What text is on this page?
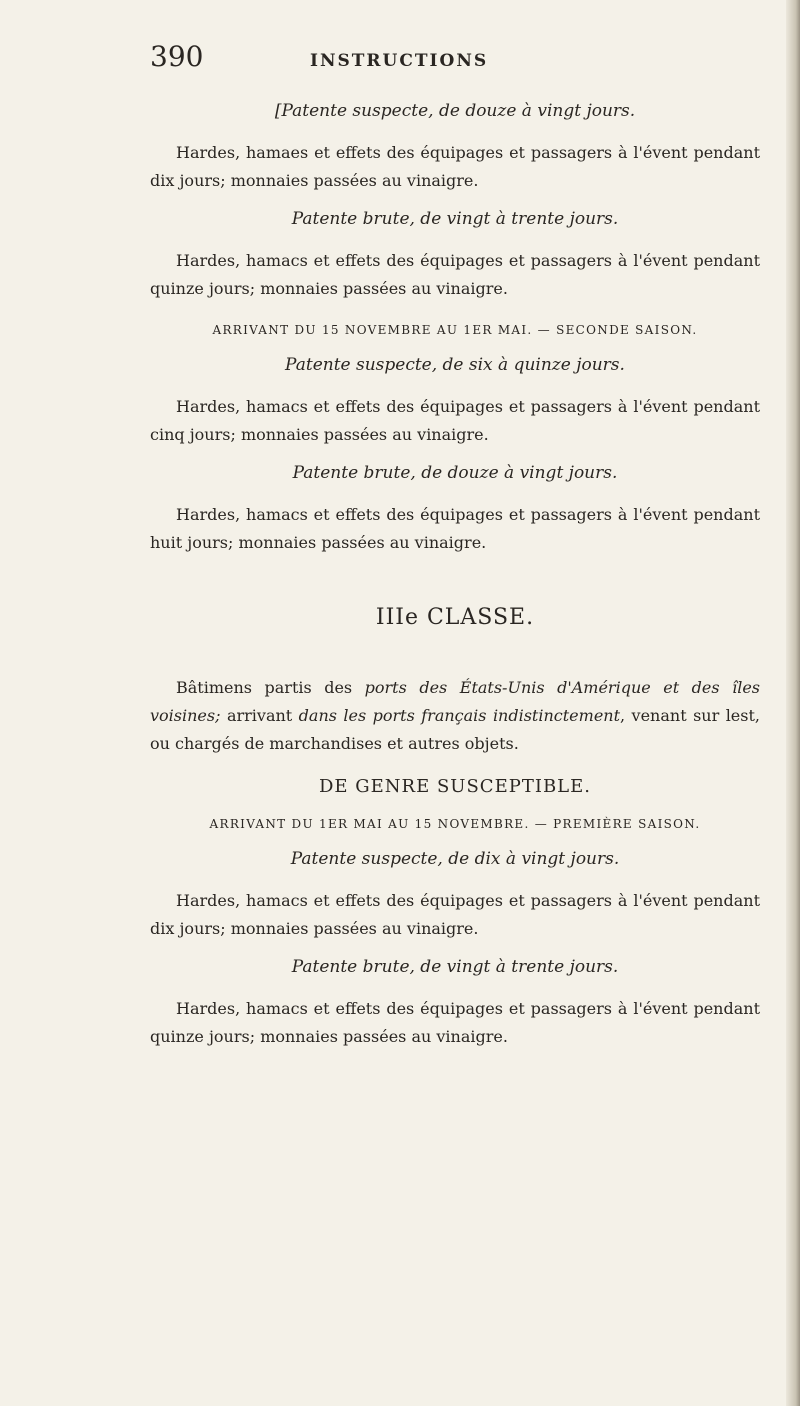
390	INSTRUCTIONS
[Patente suspecte, de douze à vingt jours.

Hardes, hamaes et effets des équipages et passagers à l'évent pendant dix jours; monnaies passées au vinaigre.

Patente brute, de vingt à trente jours.

Hardes, hamacs et effets des équipages et passagers à l'évent pendant quinze jours; monnaies passées au vinaigre.

ARRIVANT DU 15 NOVEMBRE AU 1ER MAI. — SECONDE SAISON.
Patente suspecte, de six à quinze jours.

Hardes, hamacs et effets des équipages et passagers à l'évent pendant cinq jours; monnaies passées au vinaigre.

Patente brute, de douze à vingt jours.

Hardes, hamacs et effets des équipages et passagers à l'évent pendant huit jours; monnaies passées au vinaigre.

IIIe CLASSE.

Bâtimens partis des ports des États-Unis d'Amérique et des îles voisines; arrivant dans les ports français indistinctement, venant sur lest, ou chargés de marchandises et autres objets.

DE GENRE SUSCEPTIBLE.
ARRIVANT DU 1ER MAI AU 15 NOVEMBRE. — PREMIÈRE SAISON.
Patente suspecte, de dix à vingt jours.

Hardes, hamacs et effets des équipages et passagers à l'évent pendant dix jours; monnaies passées au vinaigre.

Patente brute, de vingt à trente jours.

Hardes, hamacs et effets des équipages et passagers à l'évent pendant quinze jours; monnaies passées au vinaigre.
